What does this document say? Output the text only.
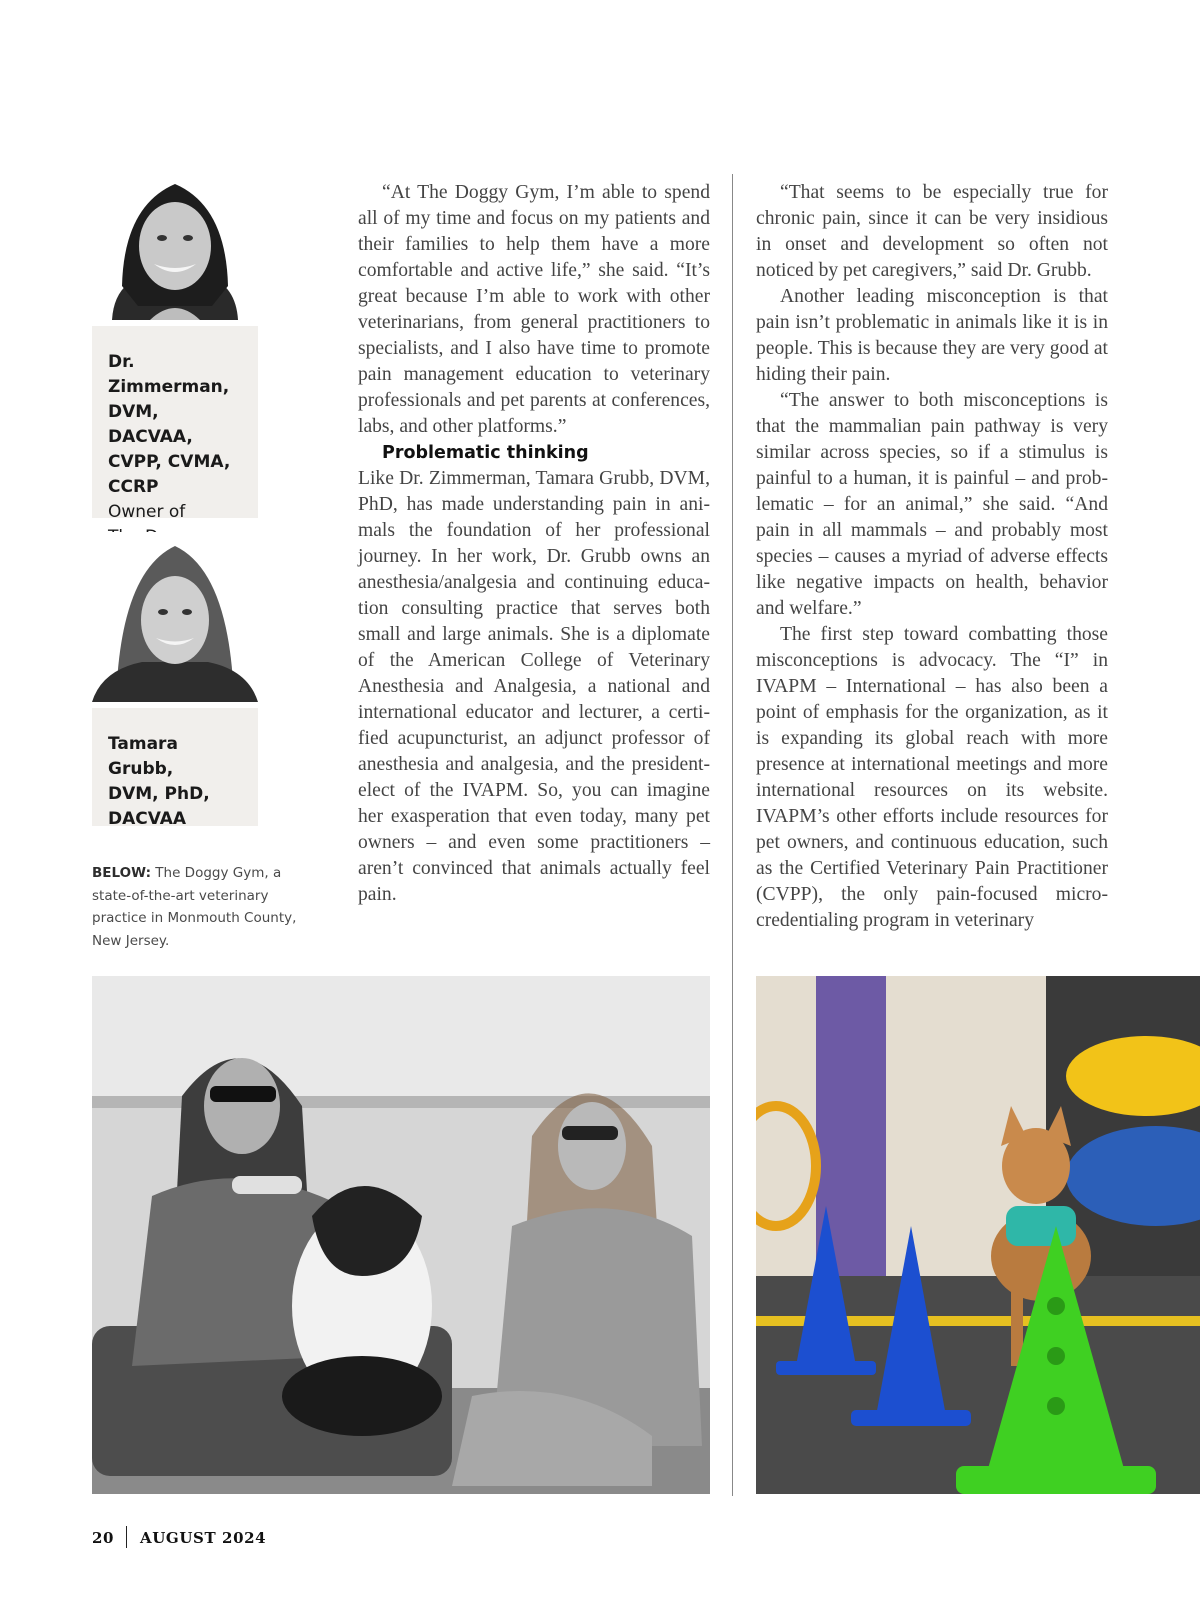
Dr. Zimmerman,
DVM, DACVAA,
CVPP, CVMA,
CCRP
Owner of
Tamara Grubb,
DVM, PhD,
DACVAA
BELOW: The Doggy Gym, a state-of-the-art veterinary practice in Monmouth County, New Jersey.

“At The Doggy Gym, I’m able to spend all of my time and focus on my patients and their families to help them have a more comfortable and active life,” she said. “It’s great because I’m able to work with other veterinarians, from general practitioners to specialists, and I also have time to promote pain management education to veterinary professionals and pet parents at conferences, labs, and other platforms.”

Problematic thinking

Like Dr. Zimmerman, Tamara Grubb, DVM, PhD, has made understanding pain in animals the foundation of her professional journey. In her work, Dr. Grubb owns an anesthesia/analgesia and continuing education consulting practice that serves both small and large animals. She is a diplomate of the American College of Veterinary Anesthesia and Analgesia, a national and international educator and lecturer, a certified acupuncturist, an adjunct professor of anesthesia and analgesia, and the president-elect of the IVAPM. So, you can imagine her exasperation that even today, many pet owners – and even some practitioners – aren’t convinced that animals actually feel pain.

“That seems to be especially true for chronic pain, since it can be very insidious in onset and development so often not noticed by pet caregivers,” said Dr. Grubb.

Another leading misconception is that pain isn’t problematic in animals like it is in people. This is because they are very good at hiding their pain.

“The answer to both misconceptions is that the mammalian pain pathway is very similar across species, so if a stimulus is painful to a human, it is painful – and problematic – for an animal,” she said. “And pain in all mammals – and probably most species – causes a myriad of adverse effects like negative impacts on health, behavior and welfare.”

The first step toward combatting those misconceptions is advocacy. The “I” in IVAPM – International – has also been a point of emphasis for the organization, as it is expanding its global reach with more presence at international meetings and more international resources on its website. IVAPM’s other efforts include resources for pet owners, and continuous education, such as the Certified Veterinary Pain Practitioner (CVPP), the only pain-focused micro-credentialing program in veterinary

20 AUGUST 2024
